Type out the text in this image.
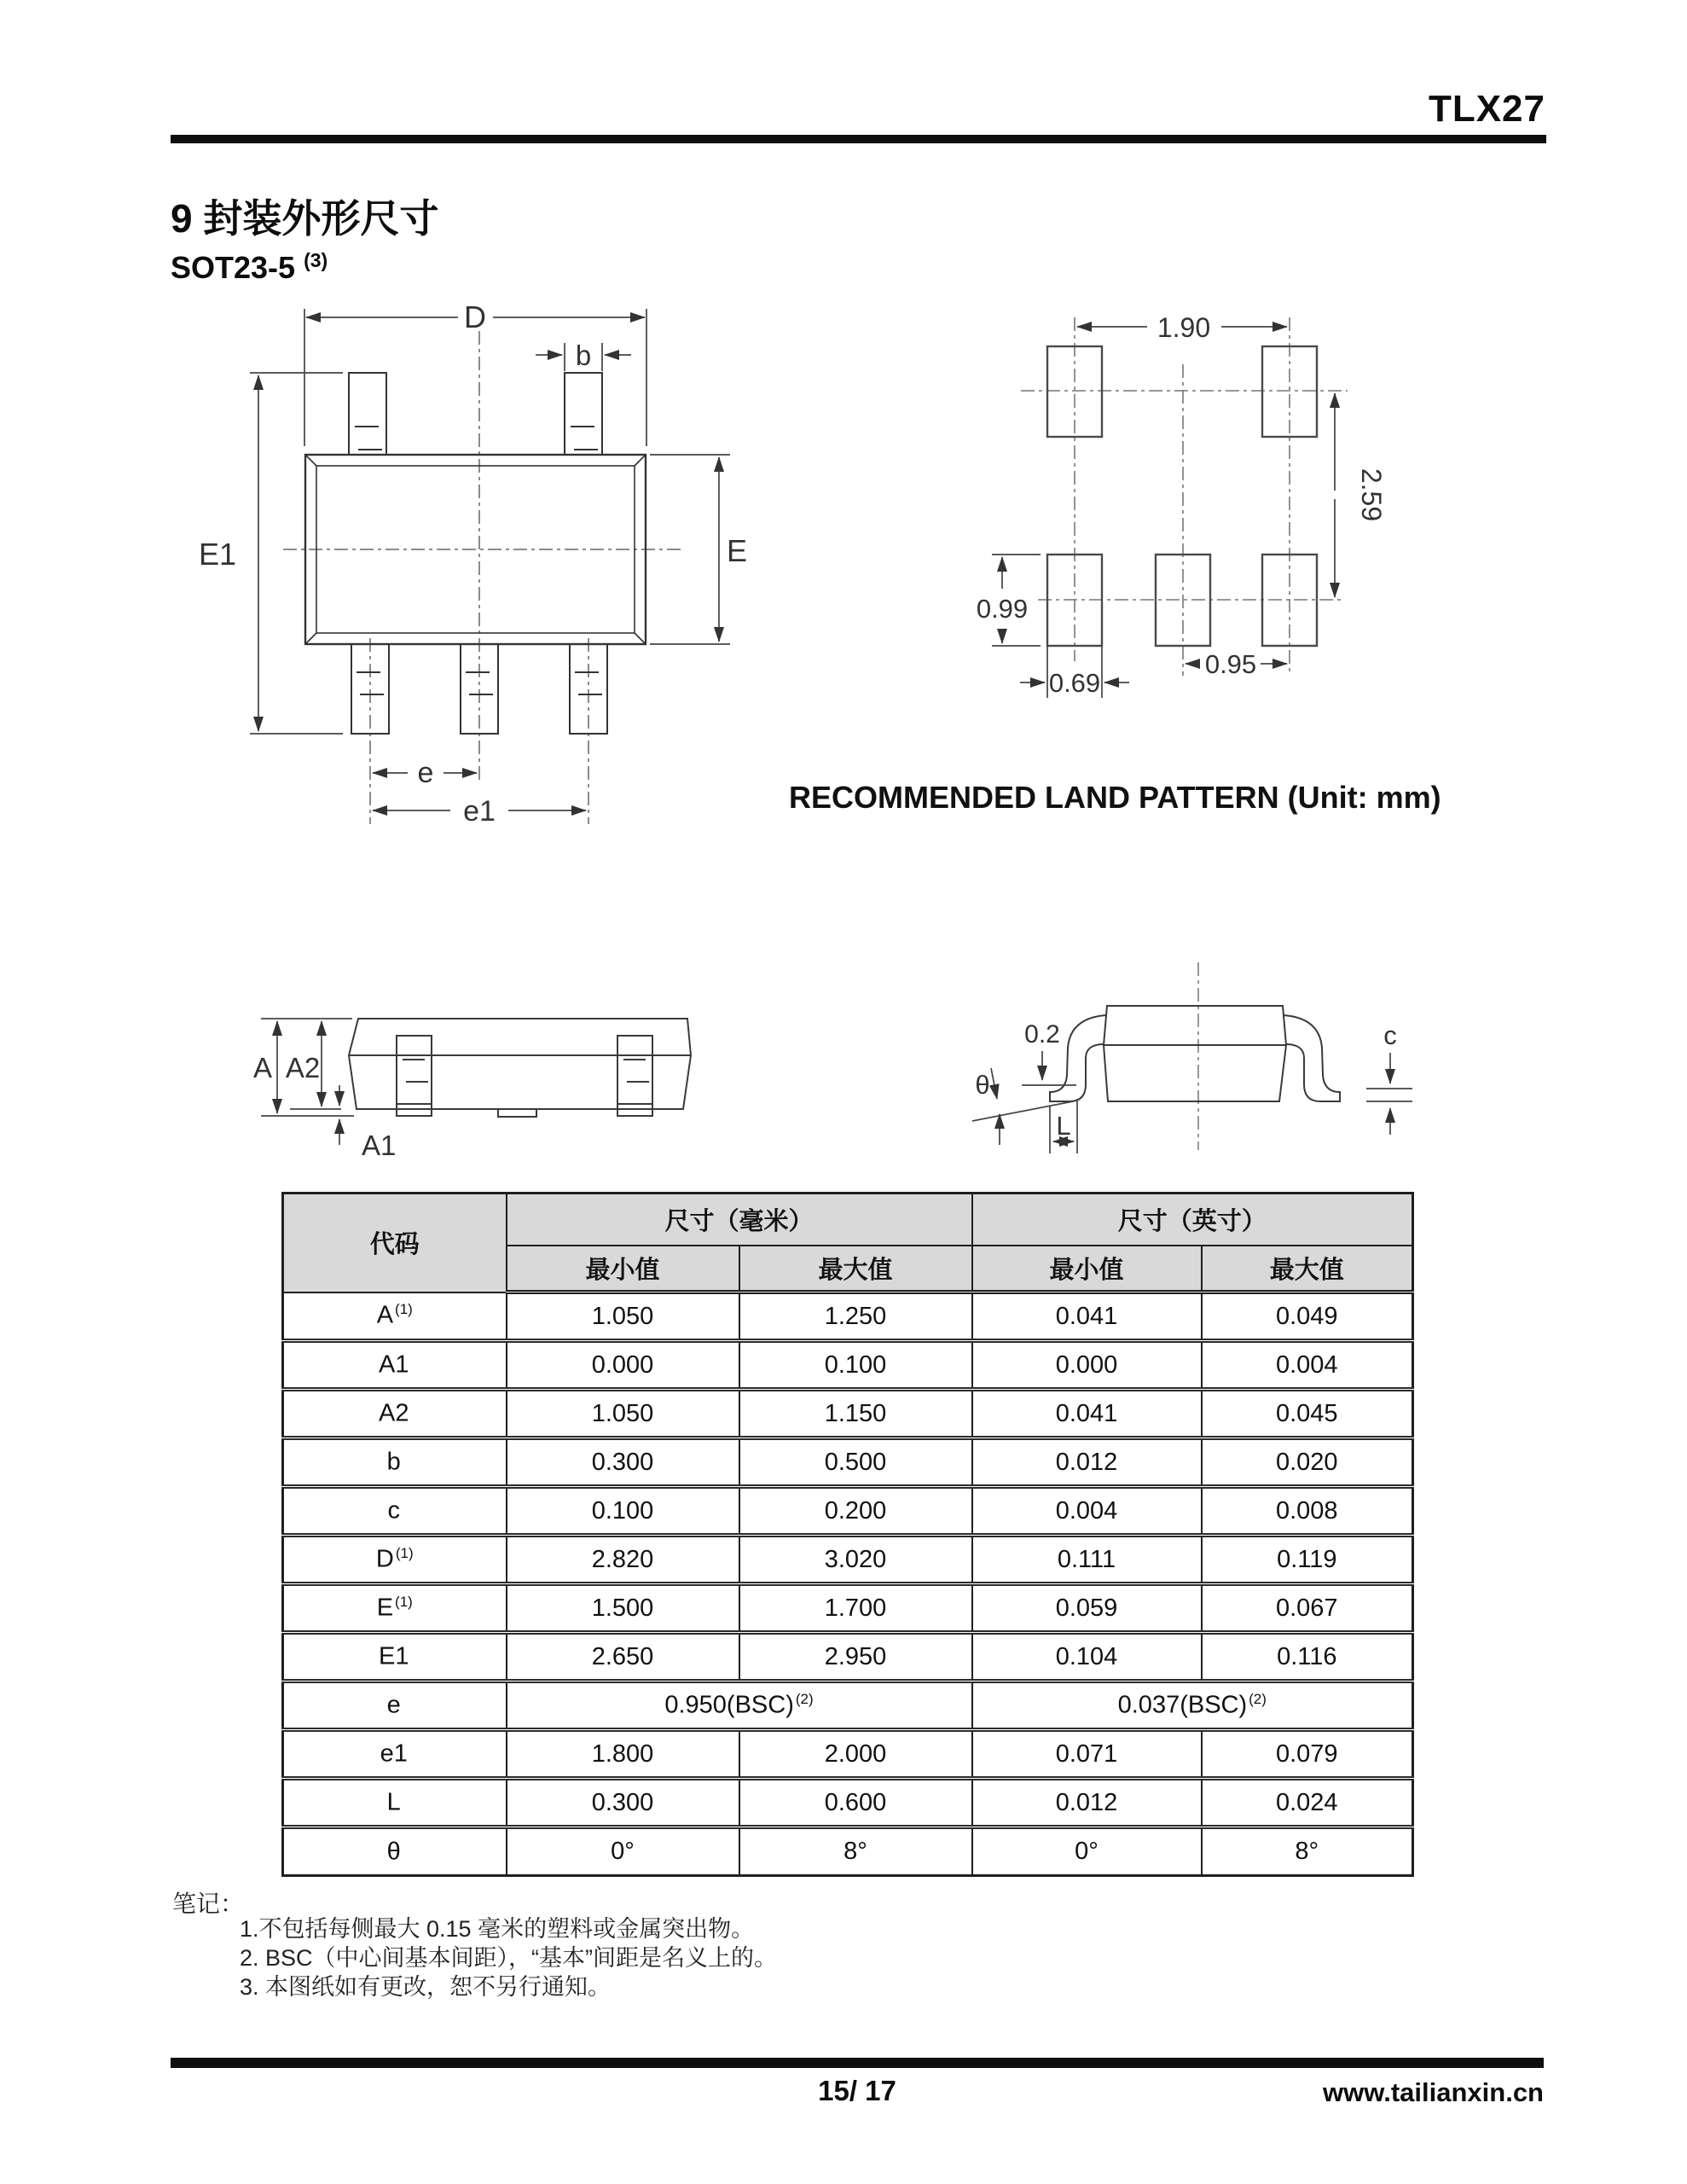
TLX27
9 封装外形尺寸
SOT23-5 $^{(3)}$
D
b
E1	E
e
e1
1.90
2.59
0.99
0.69
0.95
RECOMMENDED LAND PATTERN (Unit: mm)
A A2
A1
0.2
θ
L
c
代码	尺寸（毫米）		尺寸（英寸）	
	最小值	最大值	最小值	最大值
A $^{(1)}$	1.050	1.250	0.041	0.049
A1	0.000	0.100	0.000	0.004
A2	1.050	1.150	0.041	0.045
b	0.300	0.500	0.012	0.020
c	0.100	0.200	0.004	0.008
D $^{(1)}$	2.820	3.020	0.111	0.119
E $^{(1)}$	1.500	1.700	0.059	0.067
E1	2.650	2.950	0.104	0.116
e	0.950(BSC) $^{(2)}$		0.037(BSC) $^{(2)}$
e1	1.800	2.000	0.071	0.079
L	0.300	0.600	0.012	0.024
θ	0°	8°	0°	8°
笔记：
1.不包括每侧最大 0.15 毫米的塑料或金属突出物。
2. BSC（中心间基本间距），“基本”间距是名义上的。
3. 本图纸如有更改，恕不另行通知。
15/ 17	www.tailianxin.cn
